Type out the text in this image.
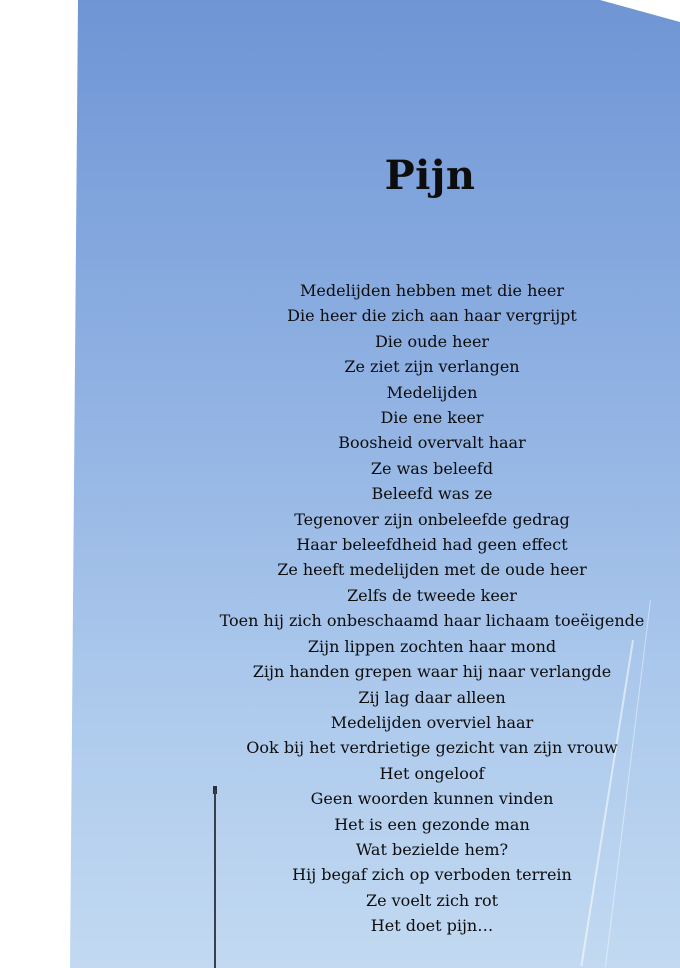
Pijn
Medelijden hebben met die heer
Die heer die zich aan haar vergrijpt
Die oude heer
Ze ziet zijn verlangen
Medelijden
Die ene keer
Boosheid overvalt haar
Ze was beleefd
Beleefd was ze
Tegenover zijn onbeleefde gedrag
Haar beleefdheid had geen effect
Ze heeft medelijden met de oude heer
Zelfs de tweede keer
Toen hij zich onbeschaamd haar lichaam toeëigende
Zijn lippen zochten haar mond
Zijn handen grepen waar hij naar verlangde
Zij lag daar alleen
Medelijden overviel haar
Ook bij het verdrietige gezicht van zijn vrouw
Het ongeloof
Geen woorden kunnen vinden
Het is een gezonde man
Wat bezielde hem?
Hij begaf zich op verboden terrein
Ze voelt zich rot
Het doet pijn…
